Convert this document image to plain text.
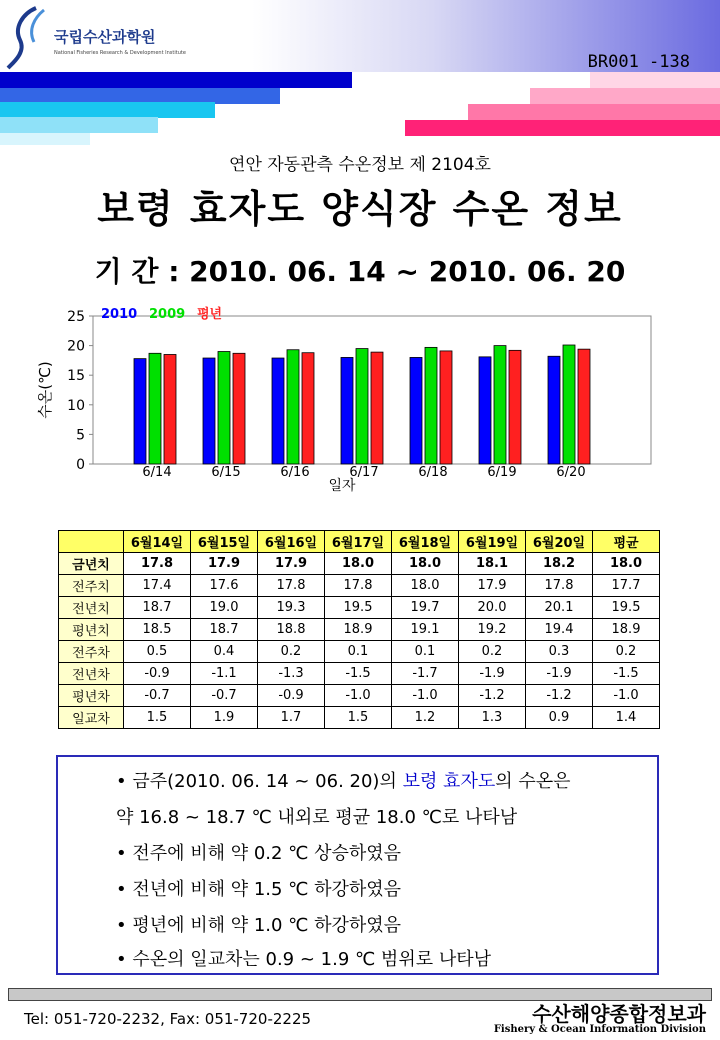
국립수산과학원
National Fisheries Research & Development Institute	BR001 -138
연안 자동관측 수온정보 제 2104호
보령 효자도 양식장 수온 정보
기 간 : 2010. 06. 14 ~ 2010. 06. 20
0
5
10
15
20
25
수온(℃)
6/14	6/15	6/16	6/17	6/18	6/19	6/20
일자
2010 2009 평년
	6월14일	6월15일	6월16일	6월17일	6월18일	6월19일	6월20일	평균
금년치	17.8	17.9	17.9	18.0	18.0	18.1	18.2	18.0
전주치	17.4	17.6	17.8	17.8	18.0	17.9	17.8	17.7
전년치	18.7	19.0	19.3	19.5	19.7	20.0	20.1	19.5
평년치	18.5	18.7	18.8	18.9	19.1	19.2	19.4	18.9
전주차	0.5	0.4	0.2	0.1	0.1	0.2	0.3	0.2
전년차	-0.9	-1.1	-1.3	-1.5	-1.7	-1.9	-1.9	-1.5
평년차	-0.7	-0.7	-0.9	-1.0	-1.0	-1.2	-1.2	-1.0
일교차	1.5	1.9	1.7	1.5	1.2	1.3	0.9	1.4
• 금주(2010. 06. 14 ~ 06. 20)의 보령 효자도의 수온은
약 16.8 ~ 18.7 ℃ 내외로 평균 18.0 ℃로 나타남
• 전주에 비해 약 0.2 ℃ 상승하였음
• 전년에 비해 약 1.5 ℃ 하강하였음
• 평년에 비해 약 1.0 ℃ 하강하였음
• 수온의 일교차는 0.9 ~ 1.9 ℃ 범위로 나타남
Tel: 051-720-2232, Fax: 051-720-2225	수산해양종합정보과
Fishery & Ocean Information Division
